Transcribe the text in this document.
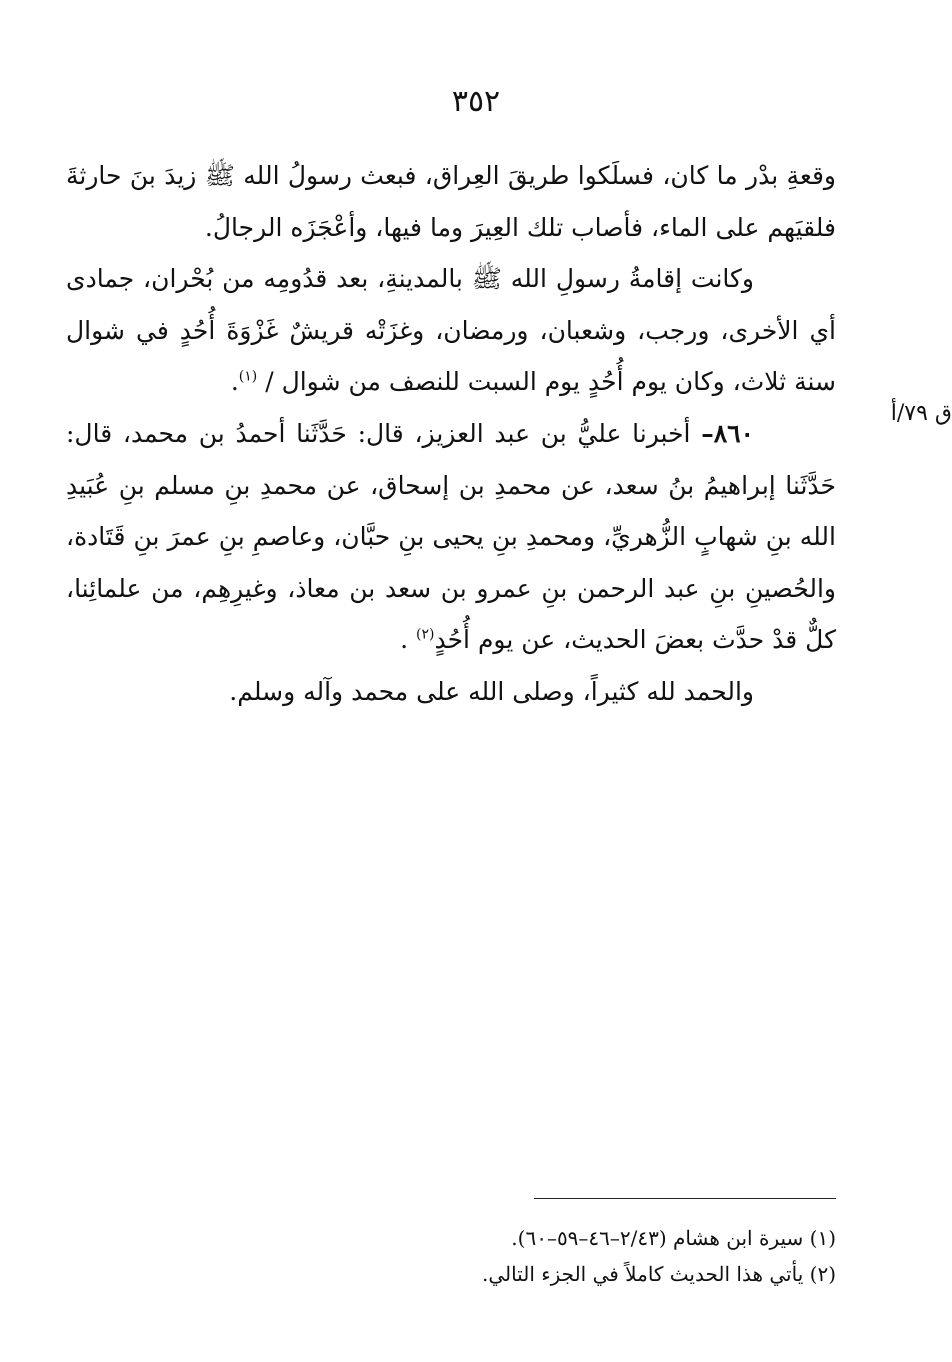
٣٥٢
ق ٧٩/أ

وقعةِ بدْر ما كان، فسلَكوا طريقَ العِراق، فبعث رسولُ الله ﷺ زيدَ بنَ حارثةَ فلقيَهم على الماء، فأصاب تلك العِيرَ وما فيها، وأعْجَزَه الرجالُ.

وكانت إقامةُ رسولِ الله ﷺ بالمدينةِ، بعد قدُومِه من بُحْران، جمادى أي الأخرى، ورجب، وشعبان، ورمضان، وغزَتْه قريشٌ غَزْوَةَ أُحُدٍ في شوال سنة ثلاث، وكان يوم أُحُدٍ يوم السبت للنصف من شوال / $^{(١)}$.

٨٦٠– أخبرنا عليُّ بن عبد العزيز، قال: حَدَّثَنا أحمدُ بن محمد، قال: حَدَّثَنا إبراهيمُ بنُ سعد، عن محمدِ بن إسحاق، عن محمدِ بنِ مسلم بنِ عُبَيدِ الله بنِ شهابٍ الزُّهريِّ، ومحمدِ بنِ يحيى بنِ حبَّان، وعاصمِ بنِ عمرَ بنِ قَتَادة، والحُصينِ بنِ عبد الرحمن بنِ عمرو بن سعد بن معاذ، وغيرِهِم، من علمائِنا، كلٌّ قدْ حدَّث بعضَ الحديث، عن يوم أُحُدٍ$^{(٢)}$ .

والحمد لله كثيراً، وصلى الله على محمد وآله وسلم.

(١) سيرة ابن هشام (٢/٤٣–٤٦–٥٩–٦٠).

(٢) يأتي هذا الحديث كاملاً في الجزء التالي.
